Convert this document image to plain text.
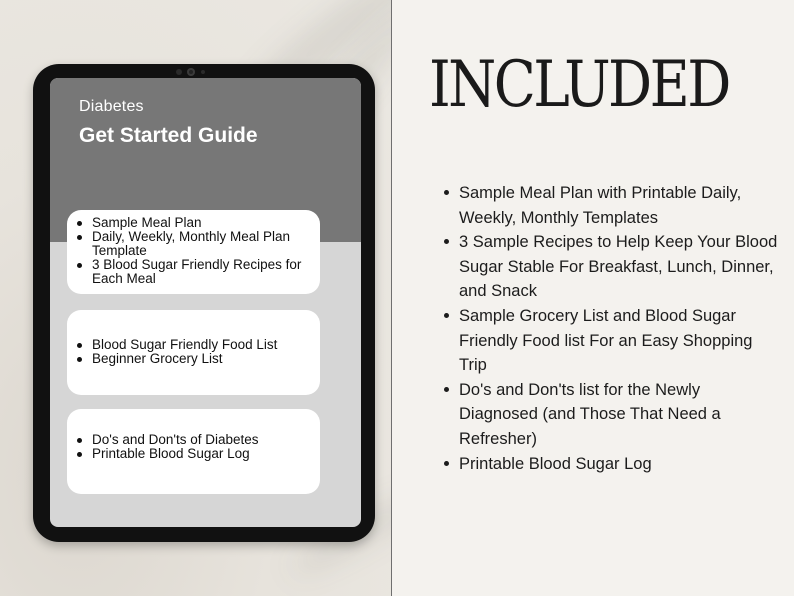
Diabetes
Get Started Guide
Sample Meal Plan
Daily, Weekly, Monthly Meal Plan Template
3 Blood Sugar Friendly Recipes for Each Meal
Blood Sugar Friendly Food List
Beginner Grocery List
Do's and Don'ts of Diabetes
Printable Blood Sugar Log
INCLUDED
Sample Meal Plan with Printable Daily, Weekly, Monthly Templates
3 Sample Recipes to Help Keep Your Blood Sugar Stable For Breakfast, Lunch, Dinner, and Snack
Sample Grocery List and Blood Sugar Friendly Food list For an Easy Shopping Trip
Do's and Don'ts list for the Newly Diagnosed (and Those That Need a Refresher)
Printable Blood Sugar Log
